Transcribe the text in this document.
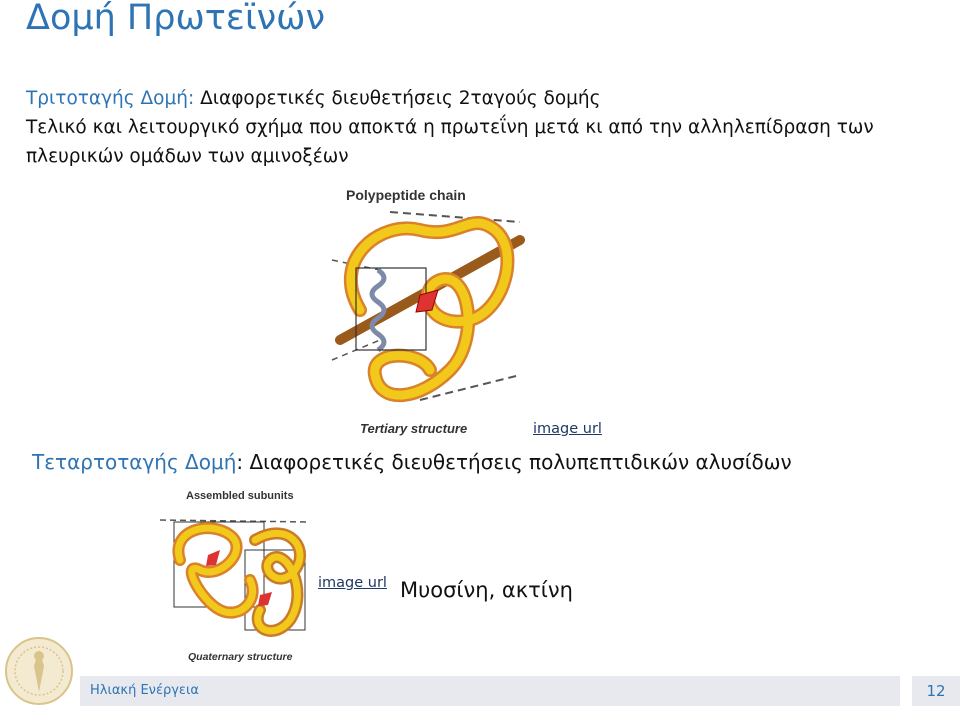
Δομή Πρωτεϊνών
Τριτοταγής Δομή: Διαφορετικές διευθετήσεις 2ταγούς δομής
Τελικό και λειτουργικό σχήμα που αποκτά η πρωτεΐνη μετά κι από την αλληλεπίδραση των
πλευρικών ομάδων των αμινοξέων
Polypeptide chain
Tertiary structure	image url
Τεταρτοταγής Δομή: Διαφορετικές διευθετήσεις πολυπεπτιδικών αλυσίδων
Assembled subunits
Quaternary structure
image url Μυοσίνη, ακτίνη
Ηλιακή Ενέργεια	12
